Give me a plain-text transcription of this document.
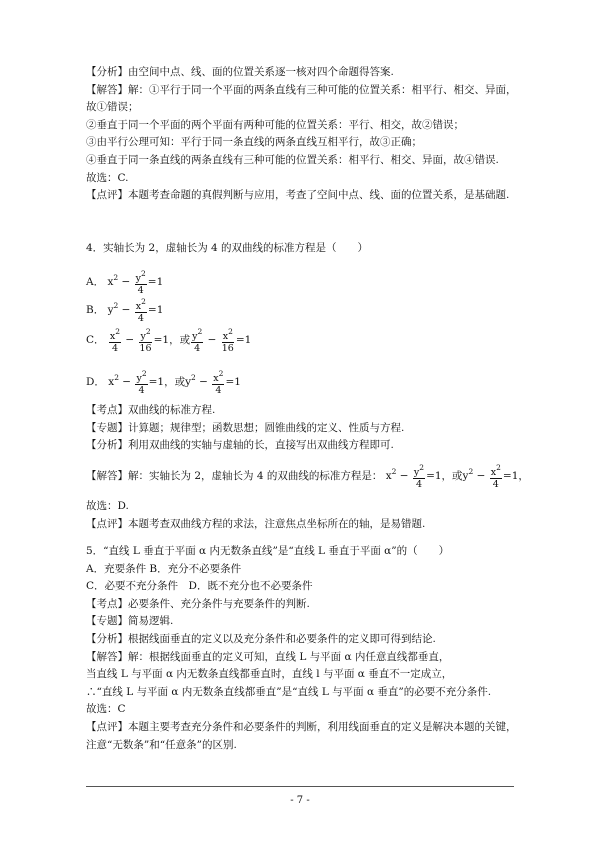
【分析】由空间中点、线、面的位置关系逐一核对四个命题得答案.
【解答】解：①平行于同一个平面的两条直线有三种可能的位置关系：相平行、相交、异面，
故①错误；
②垂直于同一个平面的两个平面有两种可能的位置关系：平行、相交，故②错误；
③由平行公理可知：平行于同一条直线的两条直线互相平行，故③正确；
④垂直于同一条直线的两条直线有三种可能的位置关系：相平行、相交、异面，故④错误.
故选：C.
【点评】本题考查命题的真假判断与应用，考查了空间中点、线、面的位置关系，是基础题.
4．实轴长为 2，虚轴长为 4 的双曲线的标准方程是（　　）
A． $x^2 - \frac{y^2}{4} =1$
B． $y^2 - \frac{x^2}{4} =1$
C． $\frac{x^2}{4} - \frac{y^2}{16} =1$，或 $\frac{y^2}{4} - \frac{x^2}{16} =1$
D． $x^2 - \frac{y^2}{4} =1$，或$y^2 - \frac{x^2}{4} =1$
【考点】双曲线的标准方程.
【专题】计算题；规律型；函数思想；圆锥曲线的定义、性质与方程.
【分析】利用双曲线的实轴与虚轴的长，直接写出双曲线方程即可.
【解答】解：实轴长为 2，虚轴长为 4 的双曲线的标准方程是： $x^2 - \frac{y^2}{4} =1$，或$y^2 - \frac{x^2}{4} =1$，
故选：D.
【点评】本题考查双曲线方程的求法，注意焦点坐标所在的轴，是易错题.
5．“直线 L 垂直于平面 α 内无数条直线”是“直线 L 垂直于平面 α”的（　　）
A．充要条件 B．充分不必要条件
C．必要不充分条件　D．既不充分也不必要条件
【考点】必要条件、充分条件与充要条件的判断.
【专题】简易逻辑.
【分析】根据线面垂直的定义以及充分条件和必要条件的定义即可得到结论.
【解答】解：根据线面垂直的定义可知，直线 L 与平面 α 内任意直线都垂直，
当直线 L 与平面 α 内无数条直线都垂直时，直线 l 与平面 α 垂直不一定成立，
∴“直线 L 与平面 α 内无数条直线都垂直”是“直线 L 与平面 α 垂直”的必要不充分条件.
故选：C
【点评】本题主要考查充分条件和必要条件的判断，利用线面垂直的定义是解决本题的关键，
注意“无数条”和“任意条”的区别.
- 7 -
